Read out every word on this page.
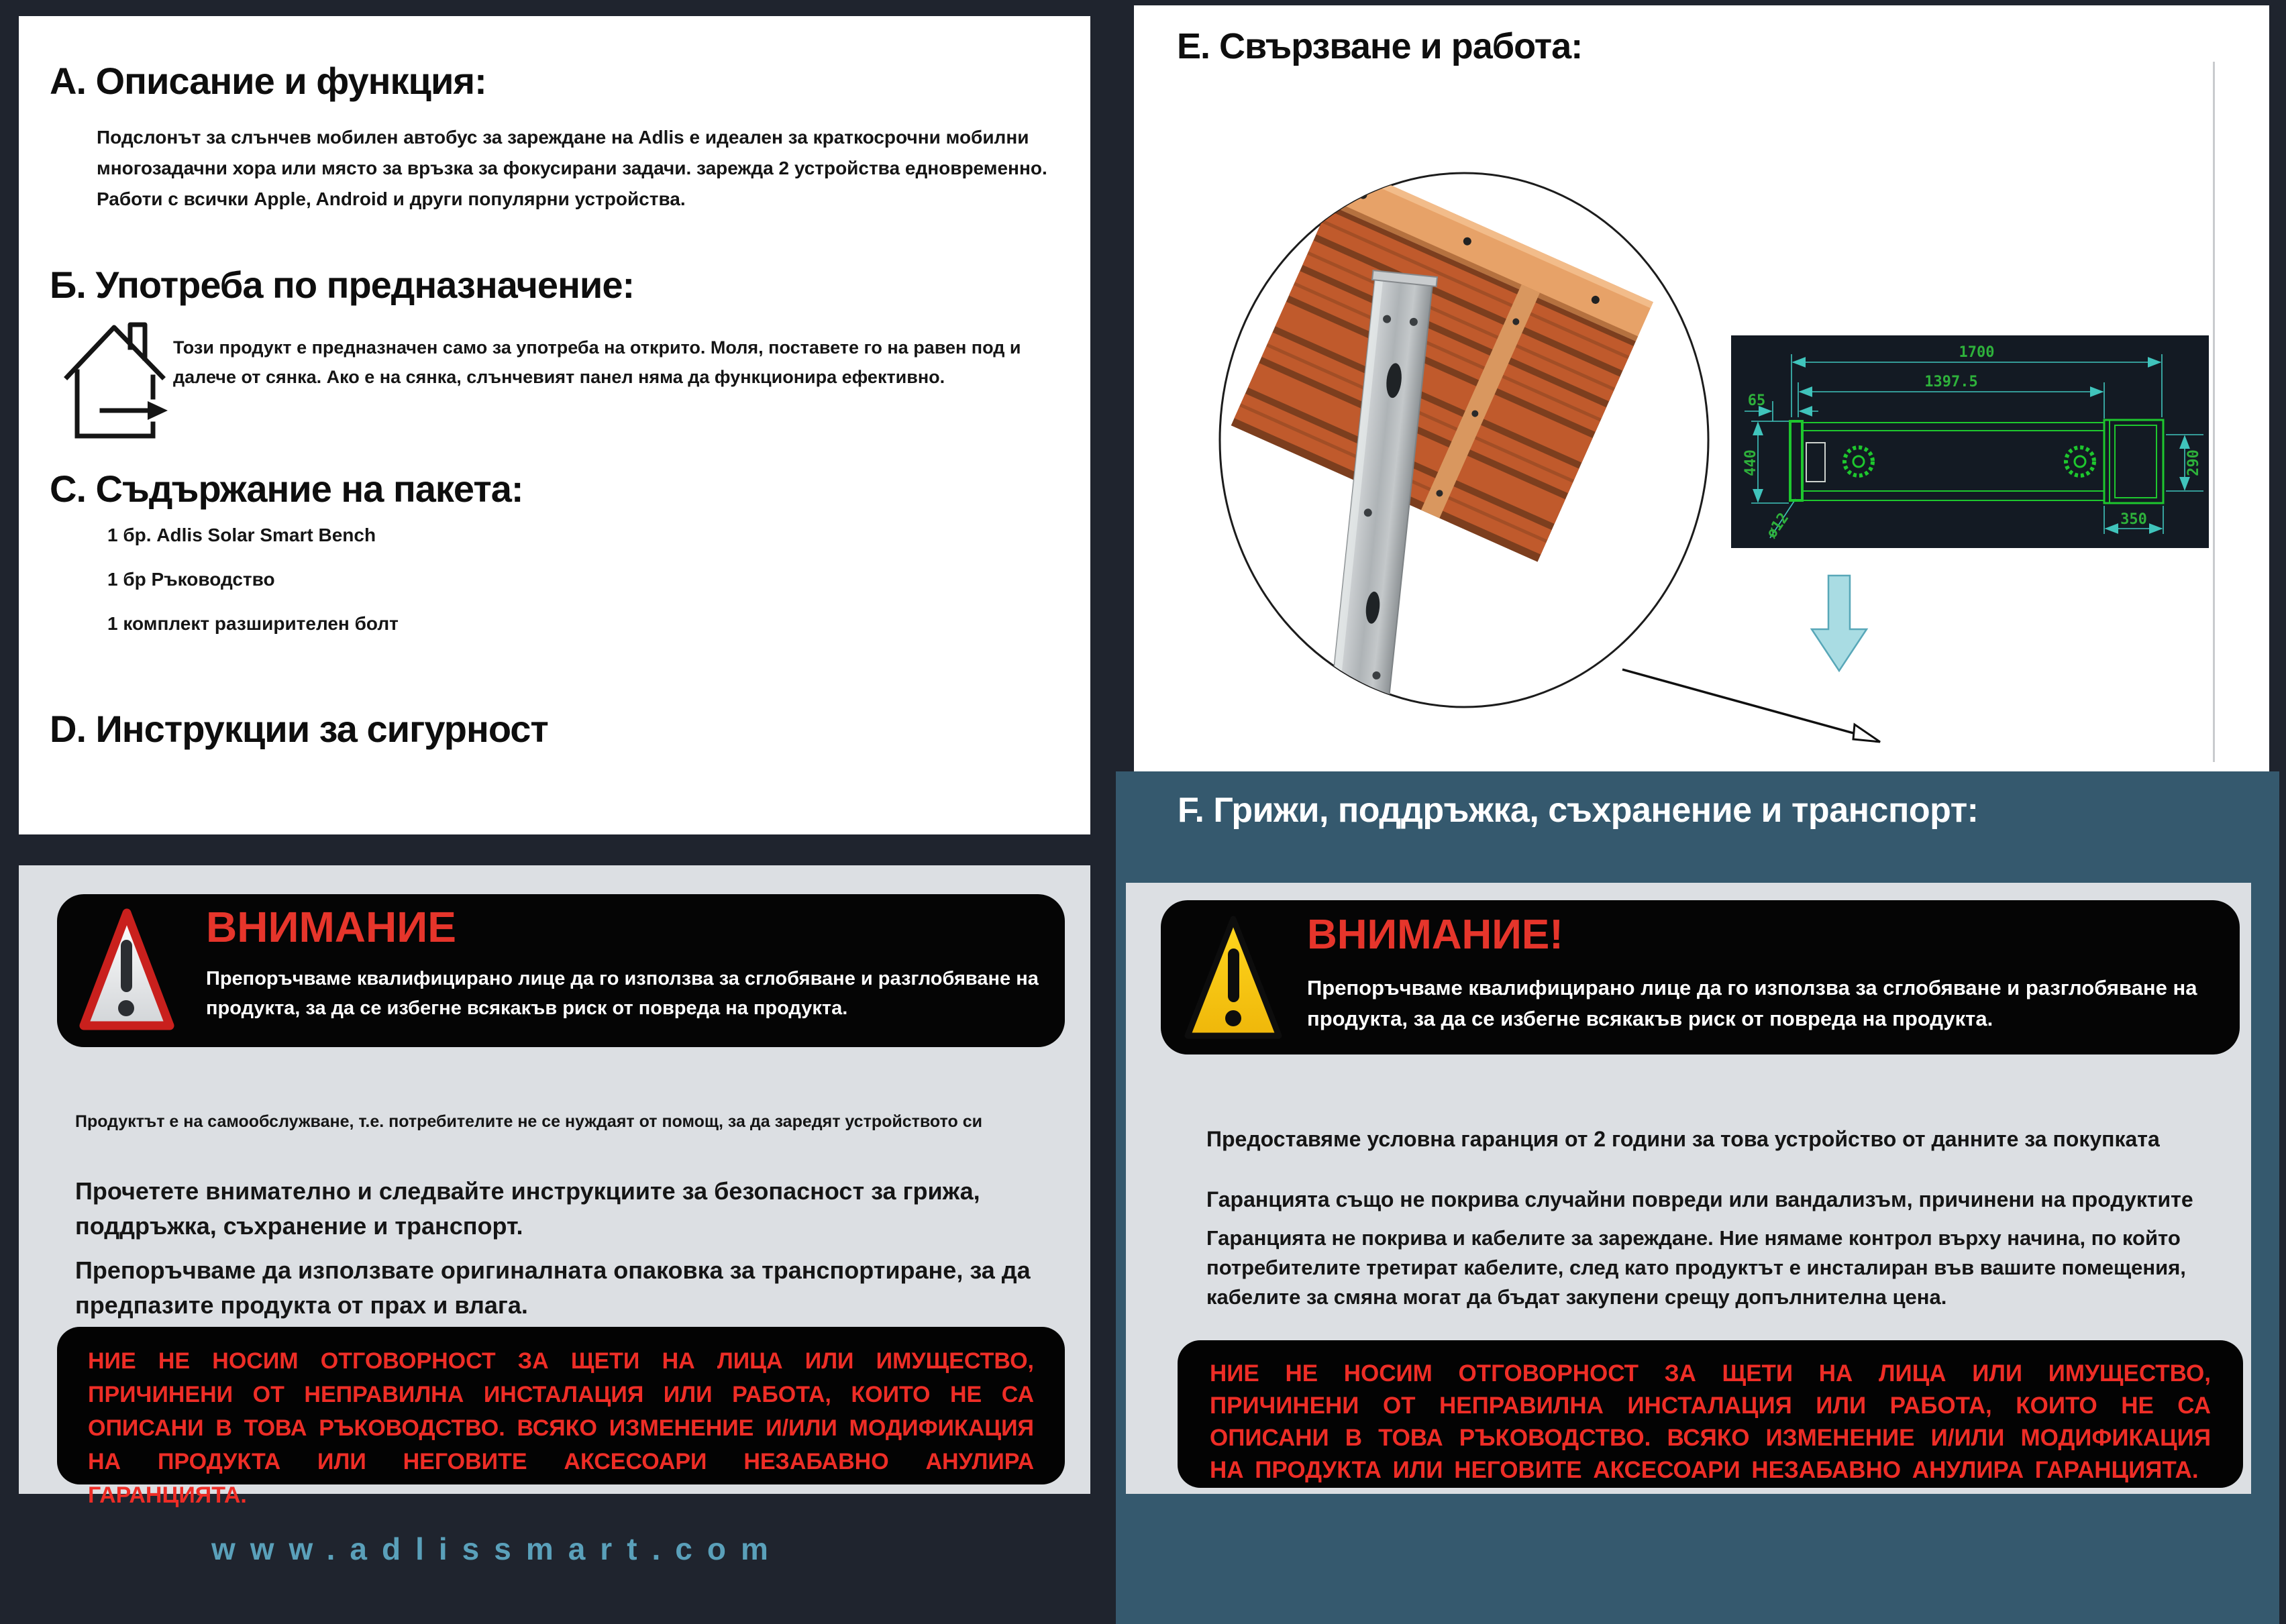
А. Описание и функция:
Подслонът за слънчев мобилен автобус за зареждане на Adlis е идеален за краткосрочни мобилни многозадачни хора или място за връзка за фокусирани задачи. зарежда 2 устройства едновременно. Работи с всички Apple, Android и други популярни устройства.
Б. Употреба по предназначение:
Този продукт е предназначен само за употреба на открито. Моля, поставете го на равен под и далече от сянка. Ако е на сянка, слънчевият панел няма да функционира ефективно.
С. Съдържание на пакета:
1 бр. Adlis Solar Smart Bench
1 бр Ръководство
1 комплект разширителен болт
D. Инструкции за сигурност
E. Свързване и работа:
1700
1397.5
65
440	290
350
ø12
F. Грижи, поддръжка, съхранение и транспорт:
ВНИМАНИЕ
Препоръчваме квалифицирано лице да го използва за сглобяване и разглобяване на продукта, за да се избегне всякакъв риск от повреда на продукта.
Продуктът е на самообслужване, т.е. потребителите не се нуждаят от помощ, за да заредят устройството си
Прочетете внимателно и следвайте инструкциите за безопасност за грижа, поддръжка, съхранение и транспорт.
Препоръчваме да използвате оригиналната опаковка за транспортиране, за да предпазите продукта от прах и влага.
НИЕ НЕ НОСИМ ОТГОВОРНОСТ ЗА ЩЕТИ НА ЛИЦА ИЛИ ИМУЩЕСТВО, ПРИЧИНЕНИ ОТ НЕПРАВИЛНА ИНСТАЛАЦИЯ ИЛИ РАБОТА, КОИТО НЕ СА ОПИСАНИ В ТОВА РЪКОВОДСТВО. ВСЯКО ИЗМЕНЕНИЕ И/ИЛИ МОДИФИКАЦИЯ НА ПРОДУКТА ИЛИ НЕГОВИТЕ АКСЕСОАРИ НЕЗАБАВНО АНУЛИРА ГАРАНЦИЯТА.
ВНИМАНИЕ!
Препоръчваме квалифицирано лице да го използва за сглобяване и разглобяване на продукта, за да се избегне всякакъв риск от повреда на продукта.
Предоставяме условна гаранция от 2 години за това устройство от данните за покупката
Гаранцията също не покрива случайни повреди или вандализъм, причинени на продуктите
Гаранцията не покрива и кабелите за зареждане. Ние нямаме контрол върху начина, по който потребителите третират кабелите, след като продуктът е инсталиран във вашите помещения, кабелите за смяна могат да бъдат закупени срещу допълнителна цена.
НИЕ НЕ НОСИМ ОТГОВОРНОСТ ЗА ЩЕТИ НА ЛИЦА ИЛИ ИМУЩЕСТВО, ПРИЧИНЕНИ ОТ НЕПРАВИЛНА ИНСТАЛАЦИЯ ИЛИ РАБОТА, КОИТО НЕ СА ОПИСАНИ В ТОВА РЪКОВОДСТВО. ВСЯКО ИЗМЕНЕНИЕ И/ИЛИ МОДИФИКАЦИЯ НА ПРОДУКТА ИЛИ НЕГОВИТЕ АКСЕСОАРИ НЕЗАБАВНО АНУЛИРА ГАРАНЦИЯТА.
www.adlissmart.com
